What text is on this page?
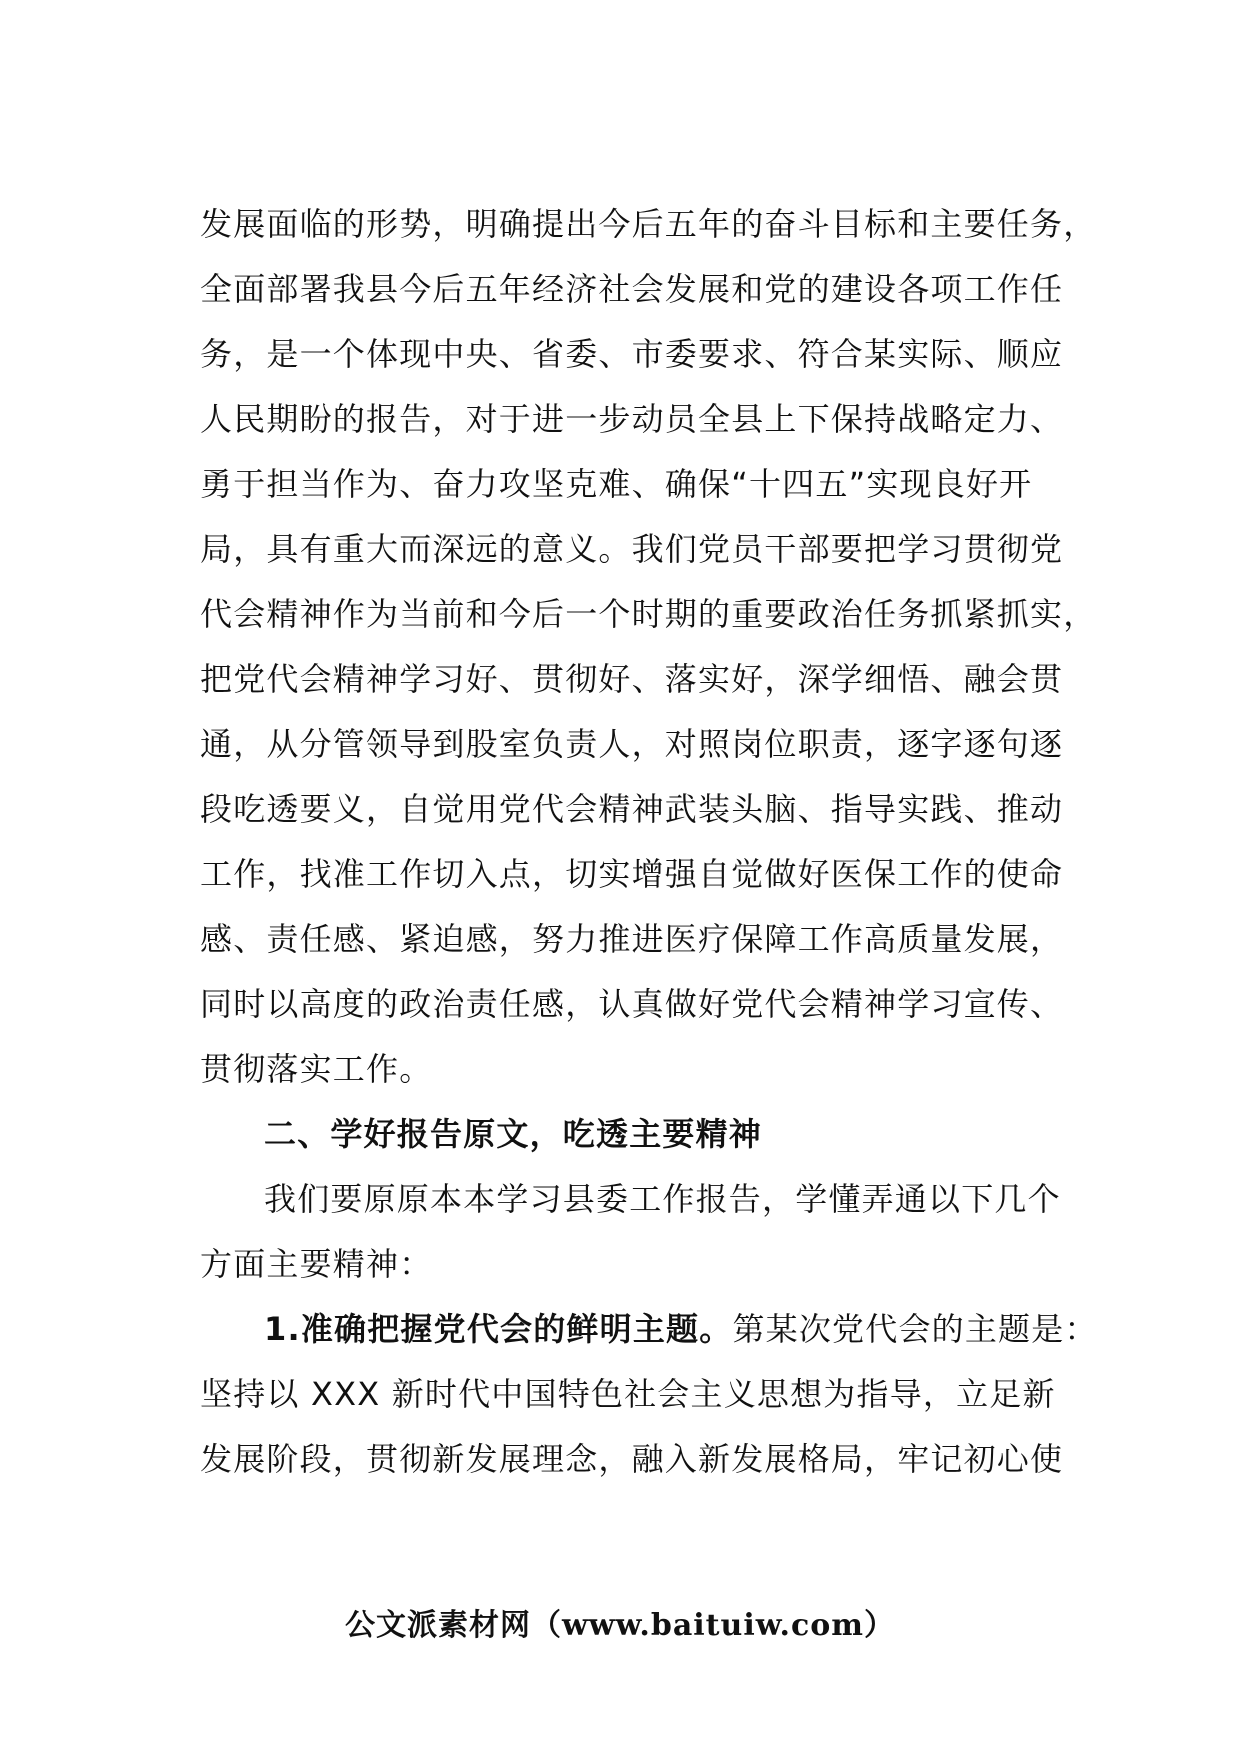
发展面临的形势，明确提出今后五年的奋斗目标和主要任务，
全面部署我县今后五年经济社会发展和党的建设各项工作任
务，是一个体现中央、省委、市委要求、符合某实际、顺应
人民期盼的报告，对于进一步动员全县上下保持战略定力、
勇于担当作为、奋力攻坚克难、确保“十四五”实现良好开
局，具有重大而深远的意义。我们党员干部要把学习贯彻党
代会精神作为当前和今后一个时期的重要政治任务抓紧抓实，
把党代会精神学习好、贯彻好、落实好，深学细悟、融会贯
通，从分管领导到股室负责人，对照岗位职责，逐字逐句逐
段吃透要义，自觉用党代会精神武装头脑、指导实践、推动
工作，找准工作切入点，切实增强自觉做好医保工作的使命
感、责任感、紧迫感，努力推进医疗保障工作高质量发展，
同时以高度的政治责任感，认真做好党代会精神学习宣传、
贯彻落实工作。
二、学好报告原文，吃透主要精神
我们要原原本本学习县委工作报告，学懂弄通以下几个
方面主要精神：
1.准确把握党代会的鲜明主题。第某次党代会的主题是：
坚持以 XXX 新时代中国特色社会主义思想为指导，立足新
发展阶段，贯彻新发展理念，融入新发展格局，牢记初心使
公文派素材网（www.baituiw.com）
